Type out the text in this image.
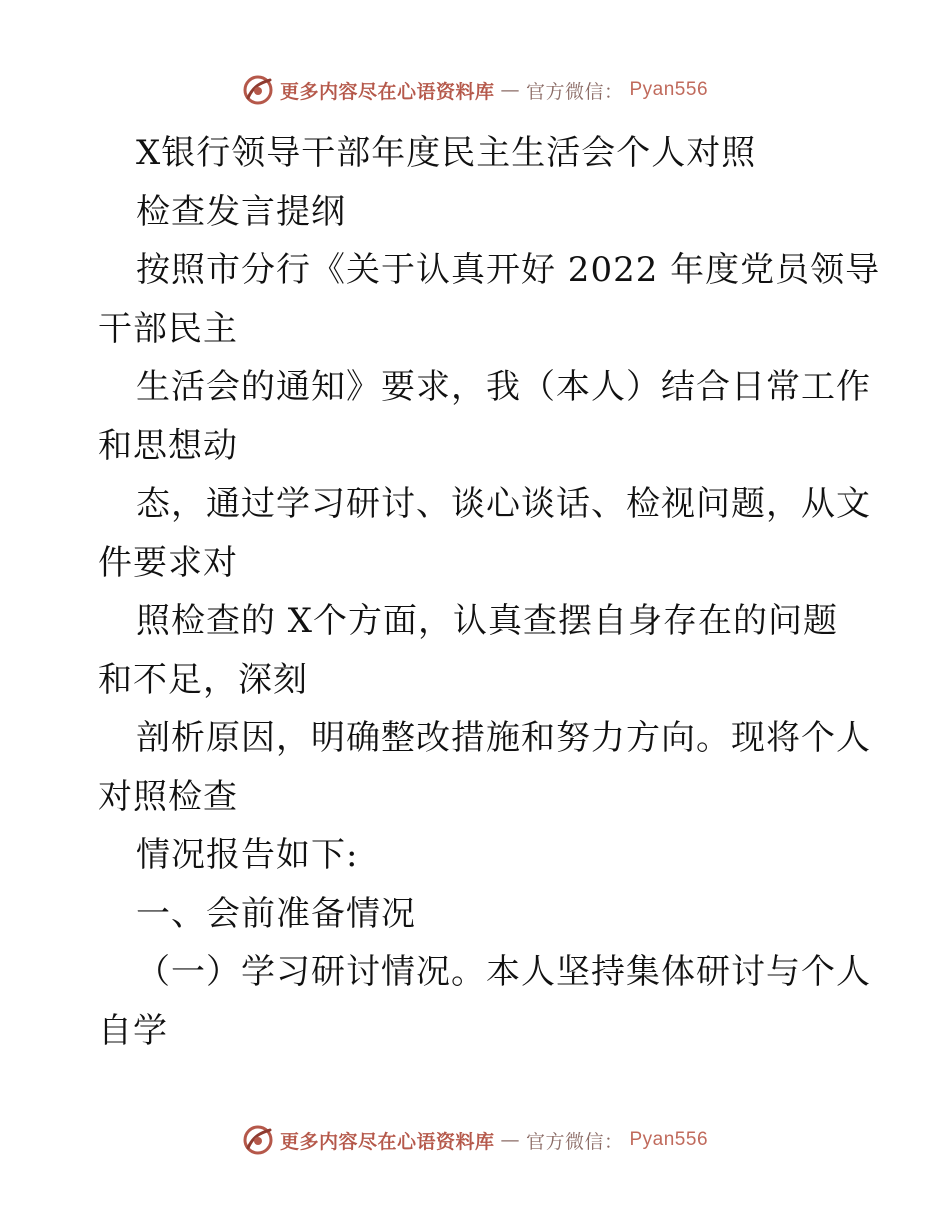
更多内容尽在心语资料库 — 官方微信： Pyan556
X银行领导干部年度民主生活会个人对照
检查发言提纲
按照市分行《关于认真开好 2022 年度党员领导
干部民主
生活会的通知》要求，我（本人）结合日常工作
和思想动
态，通过学习研讨、谈心谈话、检视问题，从文
件要求对
照检查的 X个方面，认真查摆自身存在的问题
和不足，深刻
剖析原因，明确整改措施和努力方向。现将个人
对照检查
情况报告如下:
一、会前准备情况
（一）学习研讨情况。本人坚持集体研讨与个人
自学
更多内容尽在心语资料库 — 官方微信： Pyan556
